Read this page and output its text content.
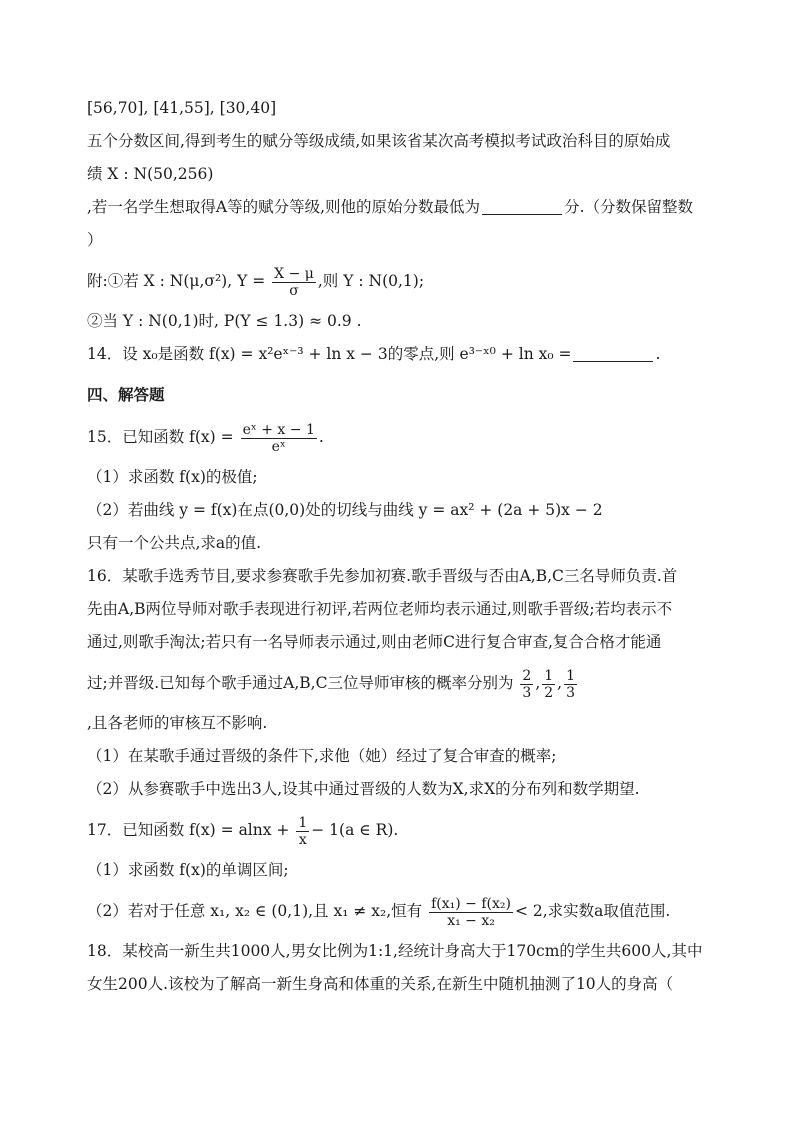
[56,70], [41,55], [30,40]
五个分数区间,得到考生的赋分等级成绩,如果该省某次高考模拟考试政治科目的原始成
绩 X : N(50,256)
,若一名学生想取得A等的赋分等级,则他的原始分数最低为	分.（分数保留整数
）
附:①若 X : N(μ,σ²), $Y = \frac{X - \mu}{\sigma}$ ,则 Y : N(0,1);
②当 Y : N(0,1)时, P(Y ≤ 1.3) ≈ 0.9 .
14．设 x₀是函数 f(x) = x²eˣ⁻³ + ln x − 3的零点,则 e³⁻ˣ⁰ + ln x₀ =	.
四、解答题
15．已知函数 $f(x) = \frac{\text{eˣ + x − 1}}{\text{eˣ}}$ .
（1）求函数 f(x)的极值;
（2）若曲线 y = f(x)在点(0,0)处的切线与曲线 y = ax² + (2a + 5)x − 2
只有一个公共点,求a的值.
16．某歌手选秀节目,要求参赛歌手先参加初赛.歌手晋级与否由A,B,C三名导师负责.首
先由A,B两位导师对歌手表现进行初评,若两位老师均表示通过,则歌手晋级;若均表示不
通过,则歌手淘汰;若只有一名导师表示通过,则由老师C进行复合审查,复合合格才能通
过;并晋级.已知每个歌手通过A,B,C三位导师审核的概率分别为 $\frac{2}{3}$ , $\frac{1}{2}$ , $\frac{1}{3}$
,且各老师的审核互不影响.
（1）在某歌手通过晋级的条件下,求他（她）经过了复合审查的概率;
（2）从参赛歌手中选出3人,设其中通过晋级的人数为X,求X的分布列和数学期望.
17．已知函数 $f(x) = alnx + \frac{1}{x} - 1(a$ ∈ R).
（1）求函数 f(x)的单调区间;
（2）若对于任意 x₁, x₂ ∈ (0,1),且 x₁ ≠ x₂,恒有 $\frac{\text{f(x₁) − f(x₂)}}{\text{x₁ − x₂}} < 2$,求实数a取值范围.
18．某校高一新生共1000人,男女比例为1:1,经统计身高大于170cm的学生共600人,其中
女生200人.该校为了解高一新生身高和体重的关系,在新生中随机抽测了10人的身高（
